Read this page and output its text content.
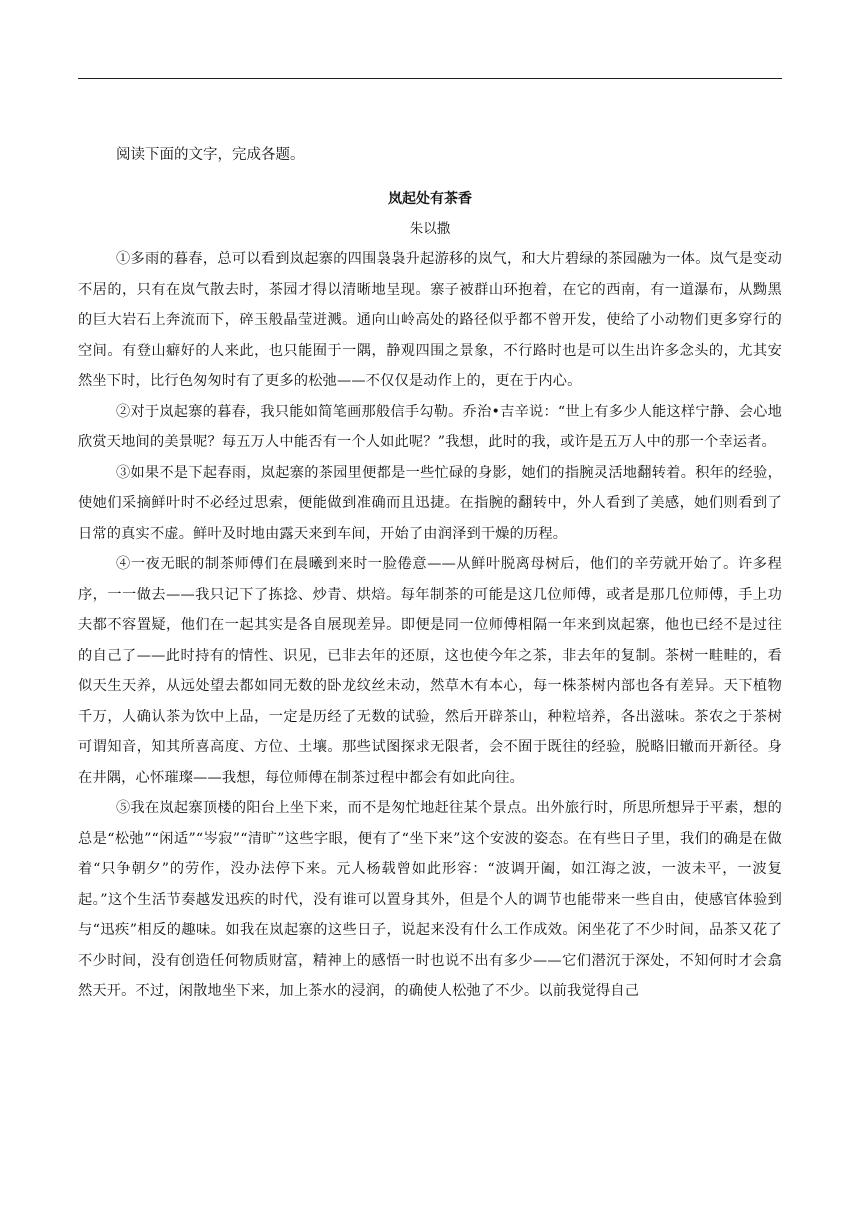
阅读下面的文字，完成各题。

岚起处有茶香

朱以撒

①多雨的暮春，总可以看到岚起寨的四围袅袅升起游移的岚气，和大片碧绿的茶园融为一体。岚气是变动不居的，只有在岚气散去时，茶园才得以清晰地呈现。寨子被群山环抱着，在它的西南，有一道瀑布，从黝黑的巨大岩石上奔流而下，碎玉般晶莹迸溅。通向山岭高处的路径似乎都不曾开发，使给了小动物们更多穿行的空间。有登山癖好的人来此，也只能囿于一隅，静观四围之景象，不行路时也是可以生出许多念头的，尤其安然坐下时，比行色匆匆时有了更多的松弛——不仅仅是动作上的，更在于内心。

②对于岚起寨的暮春，我只能如简笔画那般信手勾勒。乔治•吉辛说：“世上有多少人能这样宁静、会心地欣赏天地间的美景呢？每五万人中能否有一个人如此呢？”我想，此时的我，或许是五万人中的那一个幸运者。

③如果不是下起春雨，岚起寨的茶园里便都是一些忙碌的身影，她们的指腕灵活地翻转着。积年的经验，使她们采摘鲜叶时不必经过思索，便能做到准确而且迅捷。在指腕的翻转中，外人看到了美感，她们则看到了日常的真实不虚。鲜叶及时地由露天来到车间，开始了由润泽到干燥的历程。

④一夜无眠的制茶师傅们在晨曦到来时一脸倦意——从鲜叶脱离母树后，他们的辛劳就开始了。许多程序，一一做去——我只记下了拣捻、炒青、烘焙。每年制茶的可能是这几位师傅，或者是那几位师傅，手上功夫都不容置疑，他们在一起其实是各自展现差异。即便是同一位师傅相隔一年来到岚起寨，他也已经不是过往的自己了——此时持有的情性、识见，已非去年的还原，这也使今年之茶，非去年的复制。茶树一畦畦的，看似天生天养，从远处望去都如同无数的卧龙纹丝未动，然草木有本心，每一株茶树内部也各有差异。天下植物千万，人确认茶为饮中上品，一定是历经了无数的试验，然后开辟茶山，种粒培养，各出滋味。茶农之于茶树可谓知音，知其所喜高度、方位、土壤。那些试图探求无限者，会不囿于既往的经验，脱略旧辙而开新径。身在井隅，心怀璀璨——我想，每位师傅在制茶过程中都会有如此向往。

⑤我在岚起寨顶楼的阳台上坐下来，而不是匆忙地赶往某个景点。出外旅行时，所思所想异于平素，想的总是“松弛”“闲适”“岑寂”“清旷”这些字眼，便有了“坐下来”这个安波的姿态。在有些日子里，我们的确是在做着“只争朝夕”的劳作，没办法停下来。元人杨载曾如此形容：“波调开阖，如江海之波，一波未平，一波复起。”这个生活节奏越发迅疾的时代，没有谁可以置身其外，但是个人的调节也能带来一些自由，使感官体验到与“迅疾”相反的趣味。如我在岚起寨的这些日子，说起来没有什么工作成效。闲坐花了不少时间，品茶又花了不少时间，没有创造任何物质财富，精神上的感悟一时也说不出有多少——它们潜沉于深处，不知何时才会翕然天开。不过，闲散地坐下来，加上茶水的浸润，的确使人松弛了不少。以前我觉得自己
